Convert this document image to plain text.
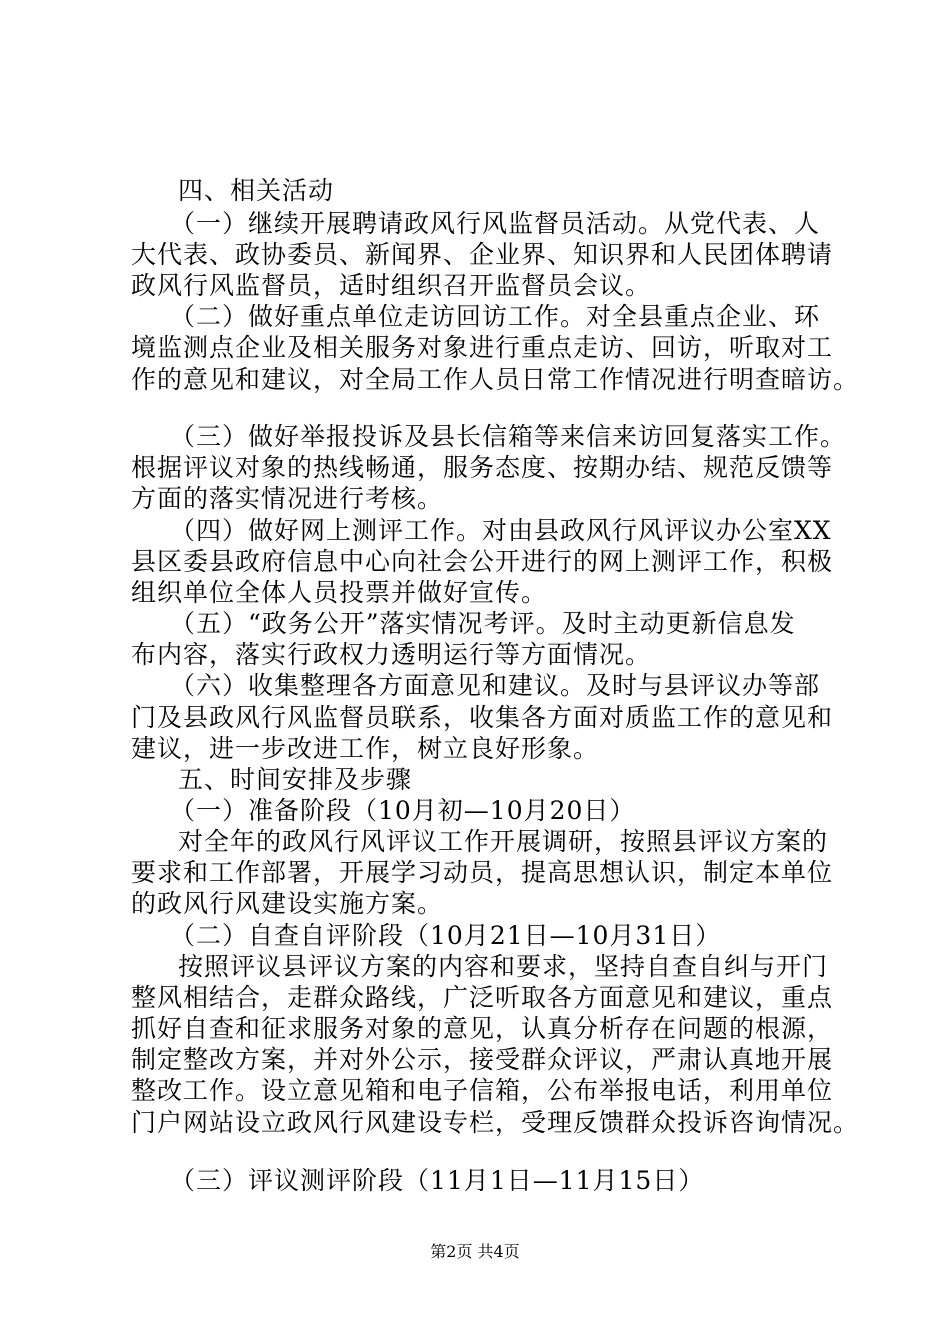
四、相关活动
（一）继续开展聘请政风行风监督员活动。从党代表、人
大代表、政协委员、新闻界、企业界、知识界和人民团体聘请
政风行风监督员，适时组织召开监督员会议。
（二）做好重点单位走访回访工作。对全县重点企业、环
境监测点企业及相关服务对象进行重点走访、回访，听取对工
作的意见和建议，对全局工作人员日常工作情况进行明查暗访。
（三）做好举报投诉及县长信箱等来信来访回复落实工作。
根据评议对象的热线畅通，服务态度、按期办结、规范反馈等
方面的落实情况进行考核。
（四）做好网上测评工作。对由县政风行风评议办公室XX
县区委县政府信息中心向社会公开进行的网上测评工作，积极
组织单位全体人员投票并做好宣传。
（五）“政务公开”落实情况考评。及时主动更新信息发
布内容，落实行政权力透明运行等方面情况。
（六）收集整理各方面意见和建议。及时与县评议办等部
门及县政风行风监督员联系，收集各方面对质监工作的意见和
建议，进一步改进工作，树立良好形象。
五、时间安排及步骤
（一）准备阶段（10月初—10月20日）
对全年的政风行风评议工作开展调研，按照县评议方案的
要求和工作部署，开展学习动员，提高思想认识，制定本单位
的政风行风建设实施方案。
（二）自查自评阶段（10月21日—10月31日）
按照评议县评议方案的内容和要求，坚持自查自纠与开门
整风相结合，走群众路线，广泛听取各方面意见和建议，重点
抓好自查和征求服务对象的意见，认真分析存在问题的根源，
制定整改方案，并对外公示，接受群众评议，严肃认真地开展
整改工作。设立意见箱和电子信箱，公布举报电话，利用单位
门户网站设立政风行风建设专栏，受理反馈群众投诉咨询情况。
（三）评议测评阶段（11月1日—11月15日）
第2页 共4页
